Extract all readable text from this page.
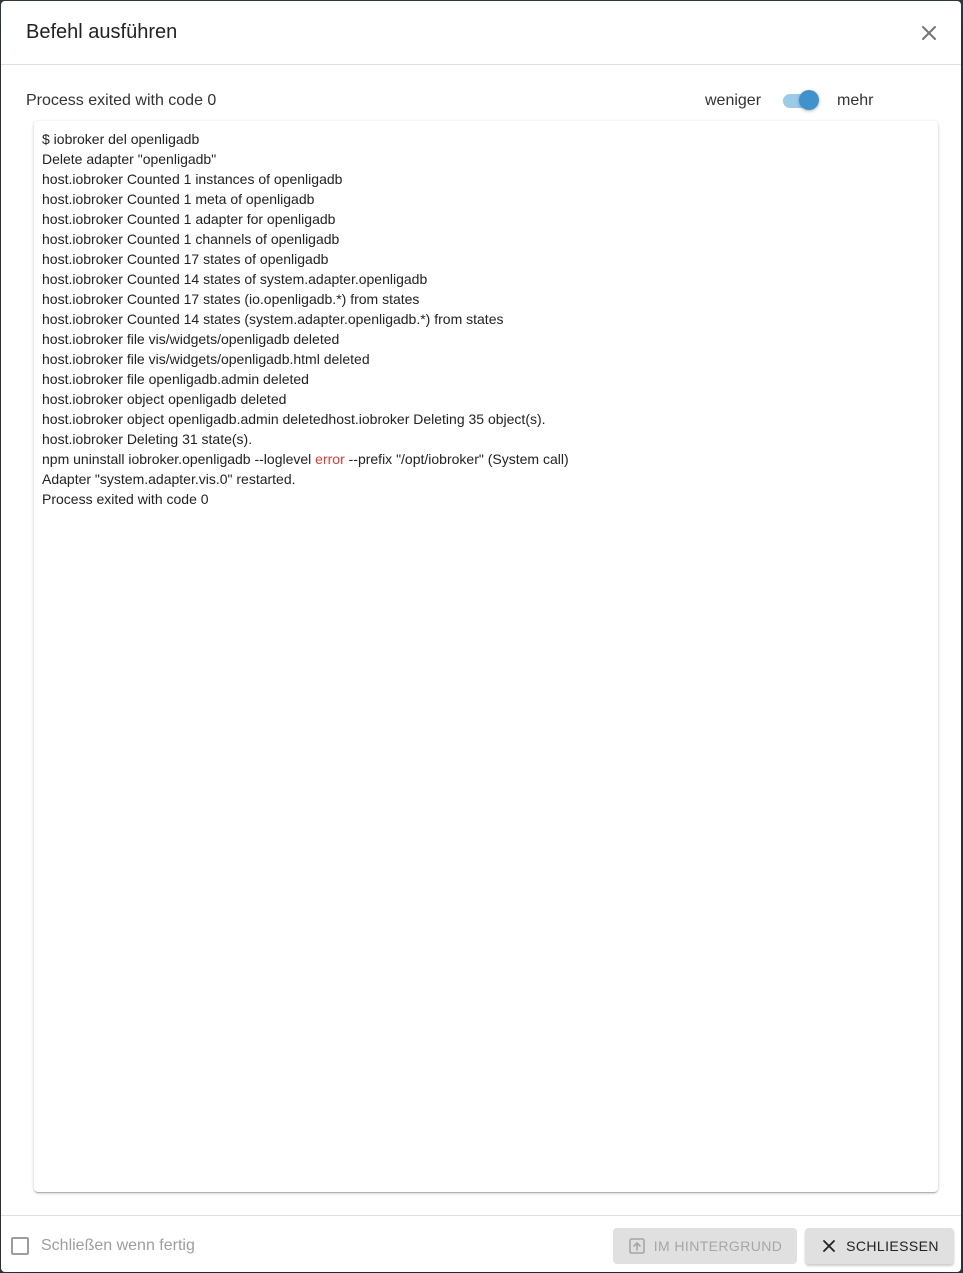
Befehl ausführen
Process exited with code 0	weniger	mehr
$ iobroker del openligadb
Delete adapter "openligadb"
host.iobroker Counted 1 instances of openligadb
host.iobroker Counted 1 meta of openligadb
host.iobroker Counted 1 adapter for openligadb
host.iobroker Counted 1 channels of openligadb
host.iobroker Counted 17 states of openligadb
host.iobroker Counted 14 states of system.adapter.openligadb
host.iobroker Counted 17 states (io.openligadb.*) from states
host.iobroker Counted 14 states (system.adapter.openligadb.*) from states
host.iobroker file vis/widgets/openligadb deleted
host.iobroker file vis/widgets/openligadb.html deleted
host.iobroker file openligadb.admin deleted
host.iobroker object openligadb deleted
host.iobroker object openligadb.admin deletedhost.iobroker Deleting 35 object(s).
host.iobroker Deleting 31 state(s).
npm uninstall iobroker.openligadb --loglevel error --prefix "/opt/iobroker" (System call)
Adapter "system.adapter.vis.0" restarted.
Process exited with code 0
Schließen wenn fertig	IM HINTERGRUND	SCHLIESSEN
